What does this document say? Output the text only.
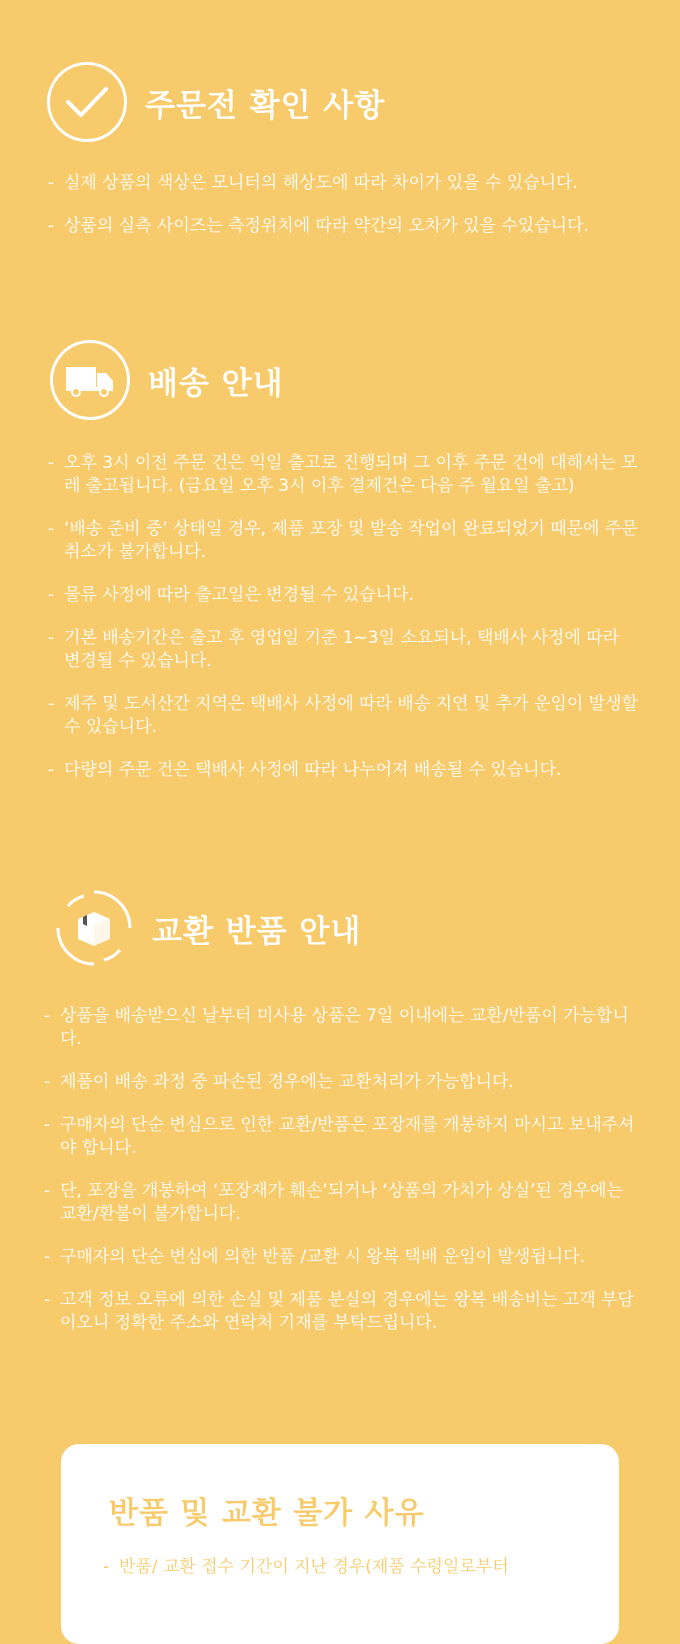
주문전 확인 사항
- 실제 상품의 색상은 모니터의 해상도에 따라 차이가 있을 수 있습니다.
- 상품의 실측 사이즈는 측정위치에 따라 약간의 오차가 있을 수있습니다.
배송 안내
- 오후 3시 이전 주문 건은 익일 출고로 진행되며 그 이후 주문 건에 대해서는 모레 출고됩니다. (금요일 오후 3시 이후 결제건은 다음 주 월요일 출고)
- ‘배송 준비 중’ 상태일 경우, 제품 포장 및 발송 작업이 완료되었기 때문에 주문취소가 불가합니다.
- 물류 사정에 따라 출고일은 변경될 수 있습니다.
- 기본 배송기간은 출고 후 영업일 기준 1~3일 소요되나, 택배사 사정에 따라 변경될 수 있습니다.
- 제주 및 도서산간 지역은 택배사 사정에 따라 배송 지연 및 추가 운임이 발생할 수 있습니다.
- 다량의 주문 건은 택배사 사정에 따라 나누어져 배송될 수 있습니다.
교환 반품 안내
- 상품을 배송받으신 날부터 미사용 상품은 7일 이내에는 교환/반품이 가능합니다.
- 제품이 배송 과정 중 파손된 경우에는 교환처리가 가능합니다.
- 구매자의 단순 변심으로 인한 교환/반품은 포장재를 개봉하지 마시고 보내주셔야 합니다.
- 단, 포장을 개봉하여 ‘포장재가 훼손’되거나 ‘상품의 가치가 상실’된 경우에는 교환/환불이 불가합니다.
- 구매자의 단순 변심에 의한 반품 /교환 시 왕복 택배 운임이 발생됩니다.
- 고객 정보 오류에 의한 손실 및 제품 분실의 경우에는 왕복 배송비는 고객 부담이오니 정확한 주소와 연락처 기재를 부탁드립니다.
반품 및 교환 불가 사유
- 반품/ 교환 접수 기간이 지난 경우(제품 수령일로부터
